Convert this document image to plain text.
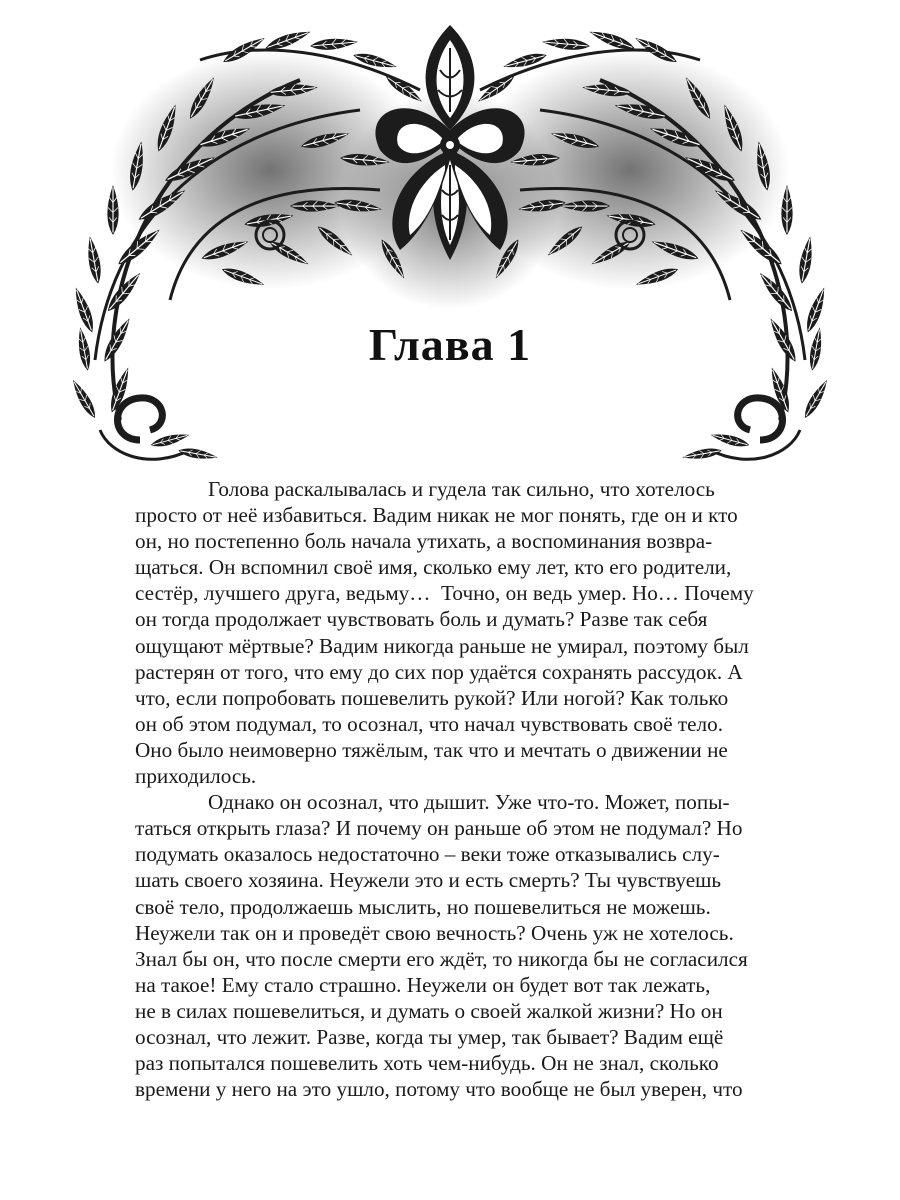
Глава 1

Голова раскалывалась и гудела так сильно, что хотелось
просто от неё избавиться. Вадим никак не мог понять, где он и кто
он, но постепенно боль начала утихать, а воспоминания возвра-
щаться. Он вспомнил своё имя, сколько ему лет, кто его родители,
сестёр, лучшего друга, ведьму…  Точно, он ведь умер. Но… Почему
он тогда продолжает чувствовать боль и думать? Разве так себя
ощущают мёртвые? Вадим никогда раньше не умирал, поэтому был
растерян от того, что ему до сих пор удаётся сохранять рассудок. А
что, если попробовать пошевелить рукой? Или ногой? Как только
он об этом подумал, то осознал, что начал чувствовать своё тело.
Оно было неимоверно тяжёлым, так что и мечтать о движении не
приходилось.

Однако он осознал, что дышит. Уже что-то. Может, попы-
таться открыть глаза? И почему он раньше об этом не подумал? Но
подумать оказалось недостаточно – веки тоже отказывались слу-
шать своего хозяина. Неужели это и есть смерть? Ты чувствуешь
своё тело, продолжаешь мыслить, но пошевелиться не можешь.
Неужели так он и проведёт свою вечность? Очень уж не хотелось.
Знал бы он, что после смерти его ждёт, то никогда бы не согласился
на такое! Ему стало страшно. Неужели он будет вот так лежать,
не в силах пошевелиться, и думать о своей жалкой жизни? Но он
осознал, что лежит. Разве, когда ты умер, так бывает? Вадим ещё
раз попытался пошевелить хоть чем-нибудь. Он не знал, сколько
времени у него на это ушло, потому что вообще не был уверен, что
